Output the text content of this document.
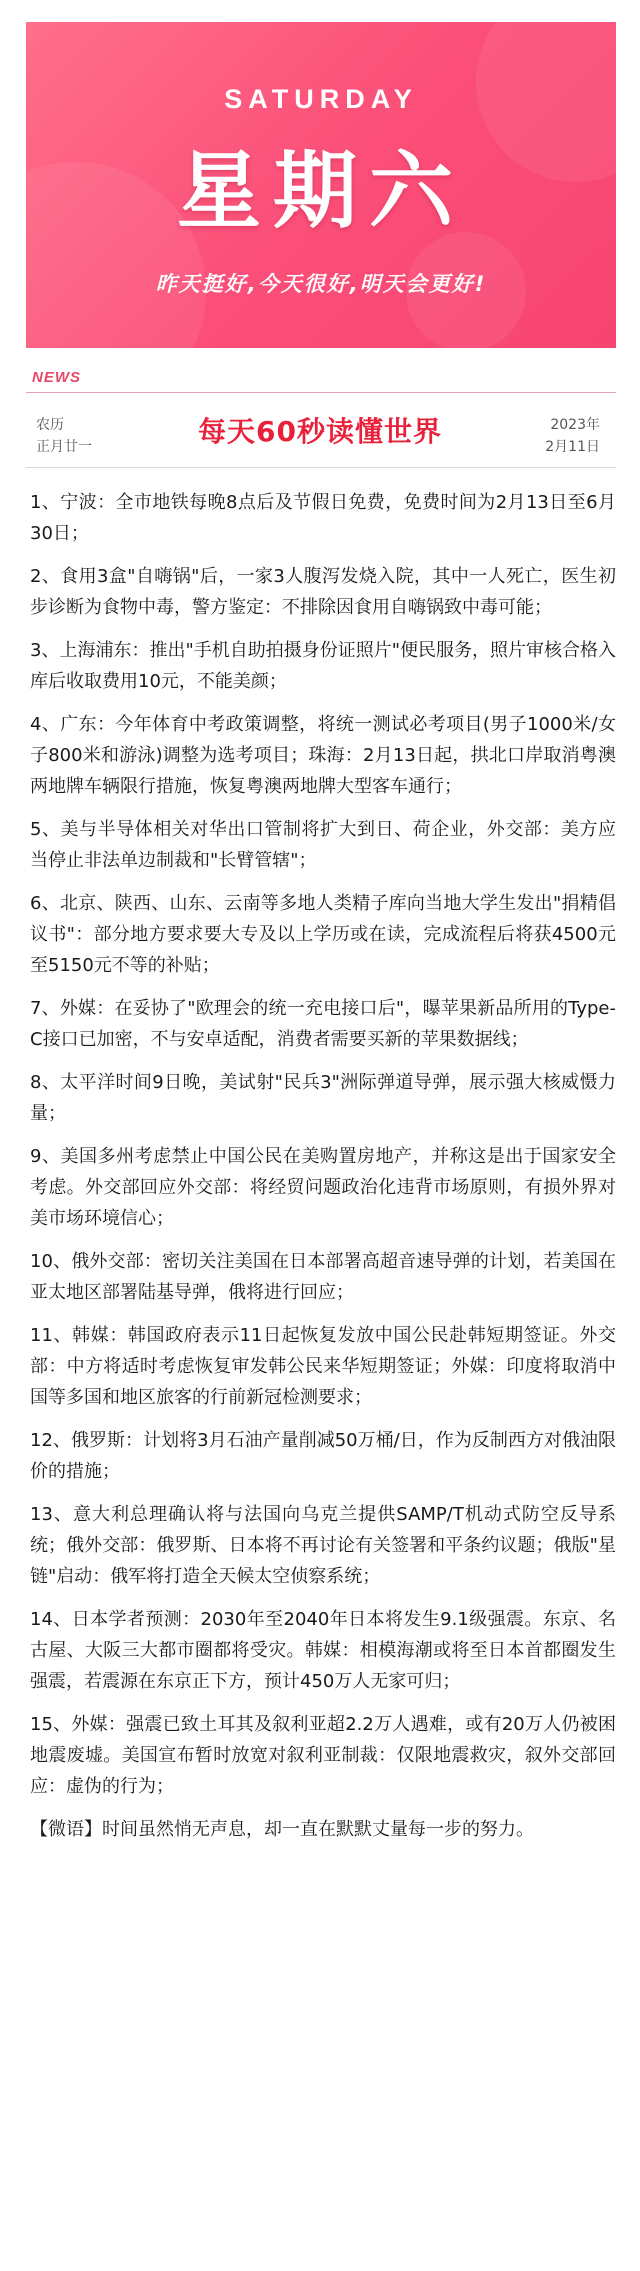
SATURDAY
星期六
昨天挺好,今天很好,明天会更好!
NEWS
农历
正月廿一	每天60秒读懂世界	2023年
2月11日

1、宁波：全市地铁每晚8点后及节假日免费，免费时间为2月13日至6月30日；

2、食用3盒"自嗨锅"后，一家3人腹泻发烧入院，其中一人死亡，医生初步诊断为食物中毒，警方鉴定：不排除因食用自嗨锅致中毒可能；

3、上海浦东：推出"手机自助拍摄身份证照片"便民服务，照片审核合格入库后收取费用10元，不能美颜；

4、广东：今年体育中考政策调整，将统一测试必考项目(男子1000米/女子800米和游泳)调整为选考项目；珠海：2月13日起，拱北口岸取消粤澳两地牌车辆限行措施，恢复粤澳两地牌大型客车通行；

5、美与半导体相关对华出口管制将扩大到日、荷企业，外交部：美方应当停止非法单边制裁和"长臂管辖"；

6、北京、陕西、山东、云南等多地人类精子库向当地大学生发出"捐精倡议书"：部分地方要求要大专及以上学历或在读，完成流程后将获4500元至5150元不等的补贴；

7、外媒：在妥协了"欧理会的统一充电接口后"，曝苹果新品所用的Type-C接口已加密，不与安卓适配，消费者需要买新的苹果数据线；

8、太平洋时间9日晚，美试射"民兵3"洲际弹道导弹，展示强大核威慑力量；

9、美国多州考虑禁止中国公民在美购置房地产，并称这是出于国家安全考虑。外交部回应外交部：将经贸问题政治化违背市场原则，有损外界对美市场环境信心；

10、俄外交部：密切关注美国在日本部署高超音速导弹的计划，若美国在亚太地区部署陆基导弹，俄将进行回应；

11、韩媒：韩国政府表示11日起恢复发放中国公民赴韩短期签证。外交部：中方将适时考虑恢复审发韩公民来华短期签证；外媒：印度将取消中国等多国和地区旅客的行前新冠检测要求；

12、俄罗斯：计划将3月石油产量削减50万桶/日，作为反制西方对俄油限价的措施；

13、意大利总理确认将与法国向乌克兰提供SAMP/T机动式防空反导系统；俄外交部：俄罗斯、日本将不再讨论有关签署和平条约议题；俄版"星链"启动：俄军将打造全天候太空侦察系统；

14、日本学者预测：2030年至2040年日本将发生9.1级强震。东京、名古屋、大阪三大都市圈都将受灾。韩媒：相模海潮或将至日本首都圈发生强震，若震源在东京正下方，预计450万人无家可归；

15、外媒：强震已致土耳其及叙利亚超2.2万人遇难，或有20万人仍被困地震废墟。美国宣布暂时放宽对叙利亚制裁：仅限地震救灾，叙外交部回应：虚伪的行为；

【微语】时间虽然悄无声息，却一直在默默丈量每一步的努力。
